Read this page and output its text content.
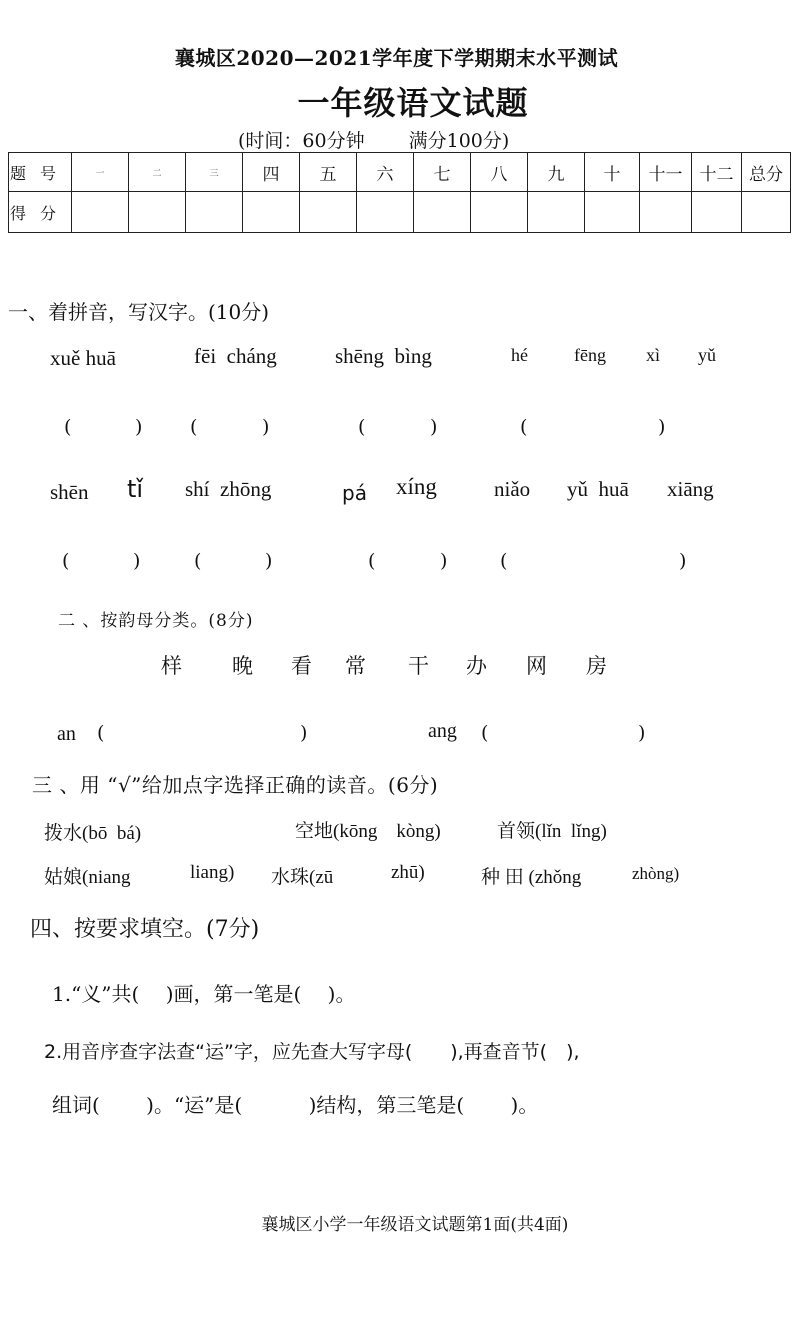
襄城区2020—2021学年度下学期期末水平测试
一年级语文试题
(时间：60分钟　　 满分100分)
题号	一	二	三	四	五	六	七	八	九	十	十一	十二	总分
得分													
一、着拼音，写汉字。(10分)
xuě huā	fēi  cháng	shēng  bìng	hé	fēng xì yǔ
(	)	(	)	(	)	(	)
shēn tǐ shí  zhōng	pá xíng	niǎo yǔ  huā xiāng
(	)	(	)	(	)	(	)
二 、按韵母分类。(8分)
样 晚 看 常 干 办 网 房
an (	)	ang (	)
三 、用 “√”给加点字选择正确的读音。(6分)
拨水(bō  bá)	空地(kōng    kòng)	首领(lǐn  lǐng)
姑娘(niang	liang) 水珠(zū	zhū)	种 田 (zhǒng	zhòng)
四、按要求填空。(7分)
1.“义”共(　 )画，第一笔是(　 )。
2.用音序查字法查“运”字，应先查大写字母(　　),再查音节(　),
组词(　　 )。“运”是(　　　 )结构，第三笔是(　　 )。
襄城区小学一年级语文试题第1面(共4面)
